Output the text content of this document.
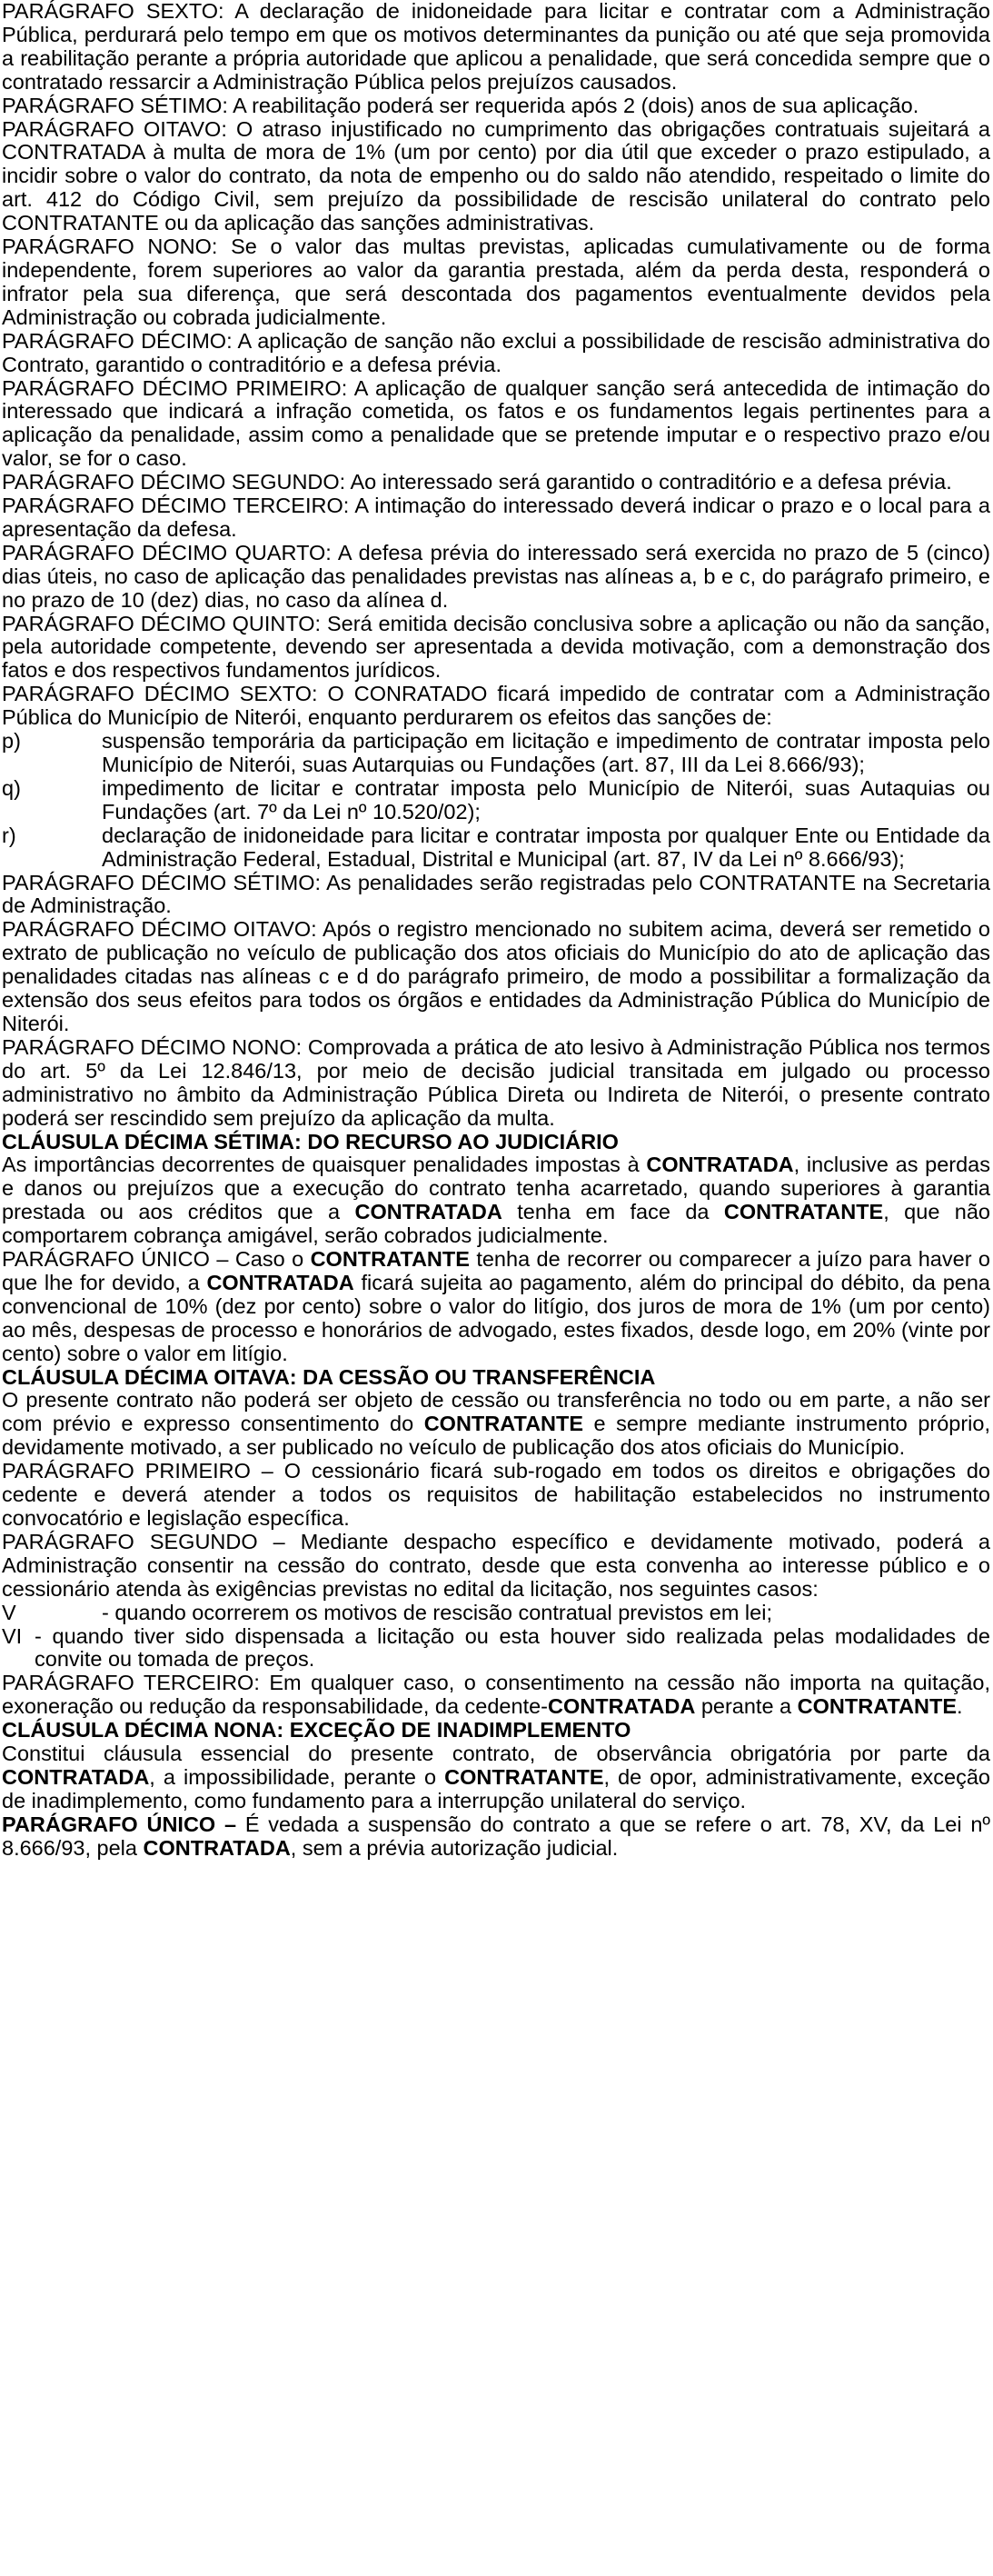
PARÁGRAFO SEXTO: A declaração de inidoneidade para licitar e contratar com a Administração Pública, perdurará pelo tempo em que os motivos determinantes da punição ou até que seja promovida a reabilitação perante a própria autoridade que aplicou a penalidade, que será concedida sempre que o contratado ressarcir a Administração Pública pelos prejuízos causados.

PARÁGRAFO SÉTIMO: A reabilitação poderá ser requerida após 2 (dois) anos de sua aplicação.

PARÁGRAFO OITAVO: O atraso injustificado no cumprimento das obrigações contratuais sujeitará a CONTRATADA à multa de mora de 1% (um por cento) por dia útil que exceder o prazo estipulado, a incidir sobre o valor do contrato, da nota de empenho ou do saldo não atendido, respeitado o limite do art. 412 do Código Civil, sem prejuízo da possibilidade de rescisão unilateral do contrato pelo CONTRATANTE ou da aplicação das sanções administrativas.

PARÁGRAFO NONO: Se o valor das multas previstas, aplicadas cumulativamente ou de forma independente, forem superiores ao valor da garantia prestada, além da perda desta, responderá o infrator pela sua diferença, que será descontada dos pagamentos eventualmente devidos pela Administração ou cobrada judicialmente.

PARÁGRAFO DÉCIMO: A aplicação de sanção não exclui a possibilidade de rescisão administrativa do Contrato, garantido o contraditório e a defesa prévia.

PARÁGRAFO DÉCIMO PRIMEIRO: A aplicação de qualquer sanção será antecedida de intimação do interessado que indicará a infração cometida, os fatos e os fundamentos legais pertinentes para a aplicação da penalidade, assim como a penalidade que se pretende imputar e o respectivo prazo e/ou valor, se for o caso.

PARÁGRAFO DÉCIMO SEGUNDO: Ao interessado será garantido o contraditório e a defesa prévia.

PARÁGRAFO DÉCIMO TERCEIRO: A intimação do interessado deverá indicar o prazo e o local para a apresentação da defesa.

PARÁGRAFO DÉCIMO QUARTO: A defesa prévia do interessado será exercida no prazo de 5 (cinco) dias úteis, no caso de aplicação das penalidades previstas nas alíneas a, b e c, do parágrafo primeiro, e no prazo de 10 (dez) dias, no caso da alínea d.

PARÁGRAFO DÉCIMO QUINTO: Será emitida decisão conclusiva sobre a aplicação ou não da sanção, pela autoridade competente, devendo ser apresentada a devida motivação, com a demonstração dos fatos e dos respectivos fundamentos jurídicos.

PARÁGRAFO DÉCIMO SEXTO: O CONRATADO ficará impedido de contratar com a Administração Pública do Município de Niterói, enquanto perdurarem os efeitos das sanções de:

p)	suspensão temporária da participação em licitação e impedimento de contratar imposta pelo Município de Niterói, suas Autarquias ou Fundações (art. 87, III da Lei 8.666/93);
q)	impedimento de licitar e contratar imposta pelo Município de Niterói, suas Autaquias ou Fundações (art. 7º da Lei nº 10.520/02);
r)	declaração de inidoneidade para licitar e contratar imposta por qualquer Ente ou Entidade da Administração Federal, Estadual, Distrital e Municipal (art. 87, IV da Lei nº 8.666/93);

PARÁGRAFO DÉCIMO SÉTIMO: As penalidades serão registradas pelo CONTRATANTE na Secretaria de Administração.

PARÁGRAFO DÉCIMO OITAVO: Após o registro mencionado no subitem acima, deverá ser remetido o extrato de publicação no veículo de publicação dos atos oficiais do Município do ato de aplicação das penalidades citadas nas alíneas c e d do parágrafo primeiro, de modo a possibilitar a formalização da extensão dos seus efeitos para todos os órgãos e entidades da Administração Pública do Município de Niterói.

PARÁGRAFO DÉCIMO NONO: Comprovada a prática de ato lesivo à Administração Pública nos termos do art. 5º da Lei 12.846/13, por meio de decisão judicial transitada em julgado ou processo administrativo no âmbito da Administração Pública Direta ou Indireta de Niterói, o presente contrato poderá ser rescindido sem prejuízo da aplicação da multa.

CLÁUSULA DÉCIMA SÉTIMA: DO RECURSO AO JUDICIÁRIO

As importâncias decorrentes de quaisquer penalidades impostas à CONTRATADA, inclusive as perdas e danos ou prejuízos que a execução do contrato tenha acarretado, quando superiores à garantia prestada ou aos créditos que a CONTRATADA tenha em face da CONTRATANTE, que não comportarem cobrança amigável, serão cobrados judicialmente.

PARÁGRAFO ÚNICO – Caso o CONTRATANTE tenha de recorrer ou comparecer a juízo para haver o que lhe for devido, a CONTRATADA ficará sujeita ao pagamento, além do principal do débito, da pena convencional de 10% (dez por cento) sobre o valor do litígio, dos juros de mora de 1% (um por cento) ao mês, despesas de processo e honorários de advogado, estes fixados, desde logo, em 20% (vinte por cento) sobre o valor em litígio.

CLÁUSULA DÉCIMA OITAVA: DA CESSÃO OU TRANSFERÊNCIA

O presente contrato não poderá ser objeto de cessão ou transferência no todo ou em parte, a não ser com prévio e expresso consentimento do CONTRATANTE e sempre mediante instrumento próprio, devidamente motivado, a ser publicado no veículo de publicação dos atos oficiais do Município.

PARÁGRAFO PRIMEIRO – O cessionário ficará sub-rogado em todos os direitos e obrigações do cedente e deverá atender a todos os requisitos de habilitação estabelecidos no instrumento convocatório e legislação específica.

PARÁGRAFO SEGUNDO – Mediante despacho específico e devidamente motivado, poderá a Administração consentir na cessão do contrato, desde que esta convenha ao interesse público e o cessionário atenda às exigências previstas no edital da licitação, nos seguintes casos:

V	- quando ocorrerem os motivos de rescisão contratual previstos em lei;
VI - quando tiver sido dispensada a licitação ou esta houver sido realizada pelas modalidades de convite ou tomada de preços.

PARÁGRAFO TERCEIRO: Em qualquer caso, o consentimento na cessão não importa na quitação, exoneração ou redução da responsabilidade, da cedente-CONTRATADA perante a CONTRATANTE.

CLÁUSULA DÉCIMA NONA: EXCEÇÃO DE INADIMPLEMENTO

Constitui cláusula essencial do presente contrato, de observância obrigatória por parte da CONTRATADA, a impossibilidade, perante o CONTRATANTE, de opor, administrativamente, exceção de inadimplemento, como fundamento para a interrupção unilateral do serviço.

PARÁGRAFO ÚNICO – É vedada a suspensão do contrato a que se refere o art. 78, XV, da Lei nº 8.666/93, pela CONTRATADA, sem a prévia autorização judicial.
